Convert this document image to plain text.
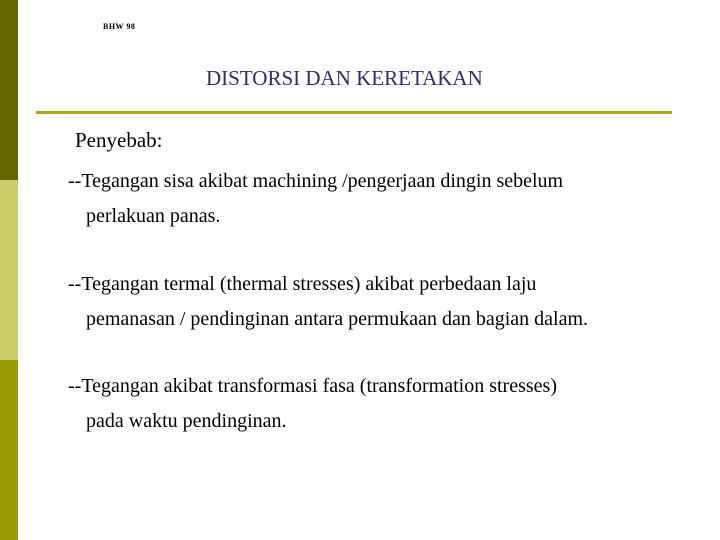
BHW 98
DISTORSI DAN KERETAKAN
Penyebab:
--Tegangan sisa akibat machining /pengerjaan dingin sebelum
perlakuan panas.
--Tegangan termal (thermal stresses) akibat perbedaan laju
pemanasan / pendinginan antara permukaan dan bagian dalam.
--Tegangan akibat transformasi fasa (transformation stresses)
pada waktu pendinginan.
